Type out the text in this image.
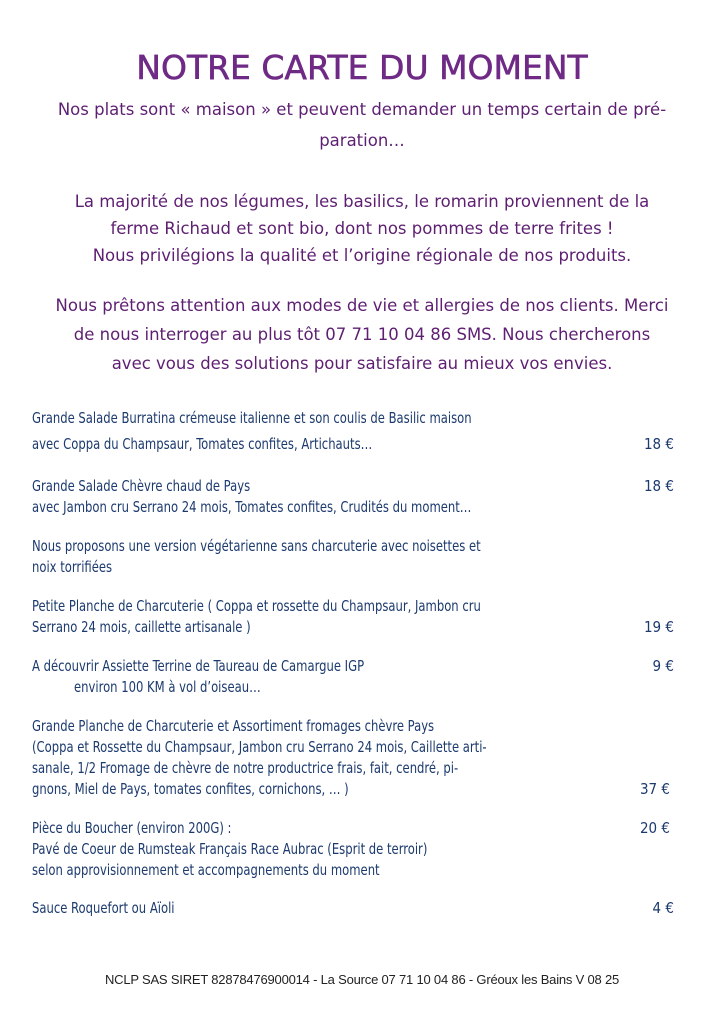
NOTRE CARTE DU MOMENT
Nos plats sont « maison » et peuvent demander un temps certain de pré-
paration…
La majorité de nos légumes, les basilics, le romarin proviennent de la
ferme Richaud et sont bio, dont nos pommes de terre frites !
Nous privilégions la qualité et l’origine régionale de nos produits.
Nous prêtons attention aux modes de vie et allergies de nos clients. Merci
de nous interroger au plus tôt 07 71 10 04 86 SMS. Nous chercherons
avec vous des solutions pour satisfaire au mieux vos envies.
Grande Salade Burratina crémeuse italienne et son coulis de Basilic maison
avec Coppa du Champsaur, Tomates confites, Artichauts…	18 €
Grande Salade Chèvre chaud de Pays	18 €
avec Jambon cru Serrano 24 mois, Tomates confites, Crudités du moment…
Nous proposons une version végétarienne sans charcuterie avec noisettes et
noix torrifiées
Petite Planche de Charcuterie ( Coppa et rossette du Champsaur, Jambon cru
Serrano 24 mois, caillette artisanale )	19 €
A découvrir Assiette Terrine de Taureau de Camargue IGP	9 €
environ 100 KM à vol d’oiseau…
Grande Planche de Charcuterie et Assortiment fromages chèvre Pays
(Coppa et Rossette du Champsaur, Jambon cru Serrano 24 mois, Caillette arti-
sanale, 1/2 Fromage de chèvre de notre productrice frais, fait, cendré, pi-
gnons, Miel de Pays, tomates confites, cornichons, … )	37 €
Pièce du Boucher (environ 200G) :	20 €
Pavé de Coeur de Rumsteak Français Race Aubrac (Esprit de terroir)
selon approvisionnement et accompagnements du moment
Sauce Roquefort ou Aïoli	4 €
NCLP SAS SIRET 82878476900014 - La Source 07 71 10 04 86 - Gréoux les Bains V 08 25
